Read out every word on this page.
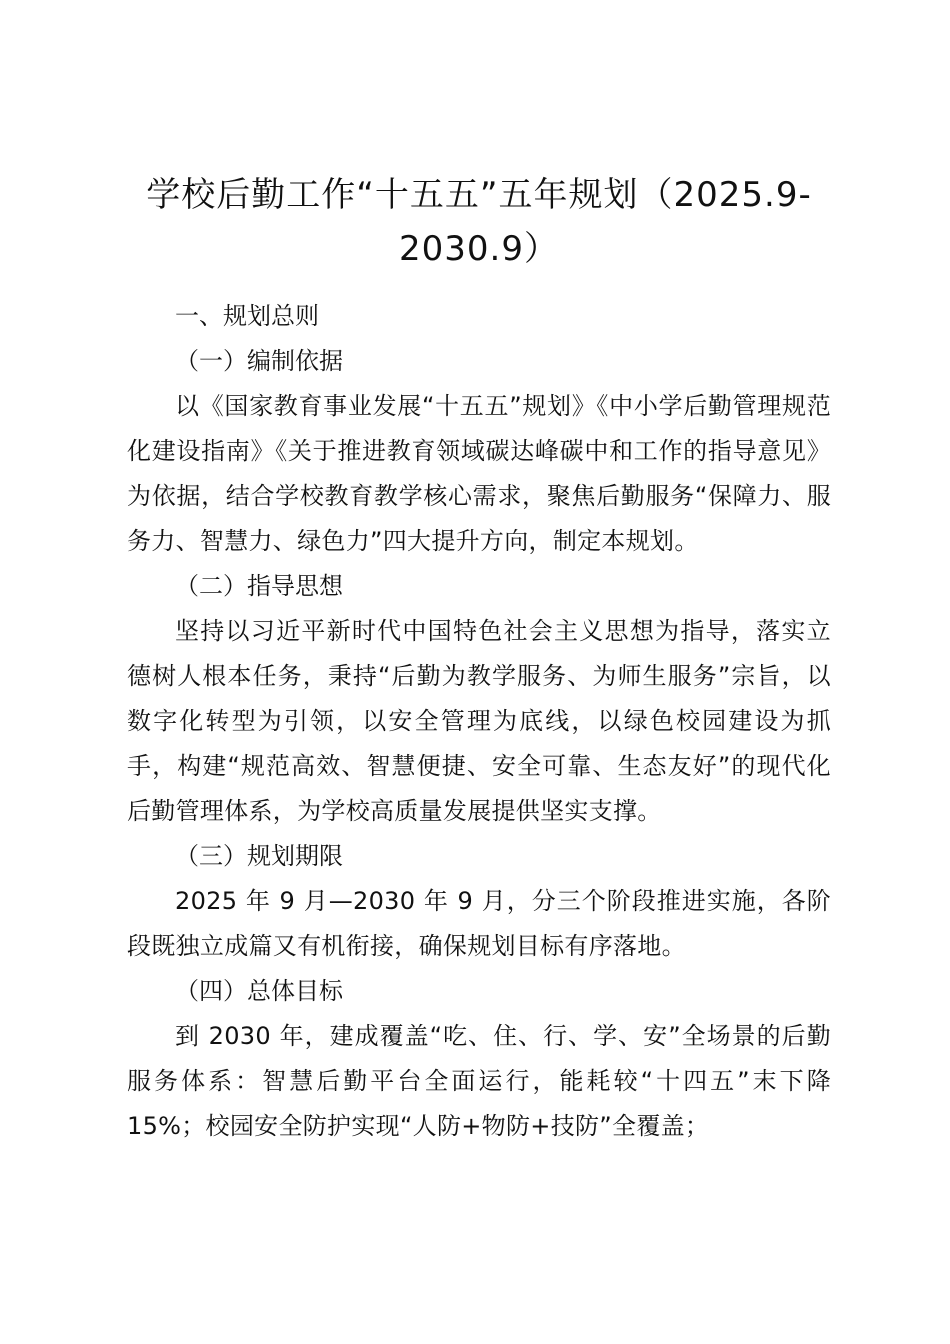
学校后勤工作“十五五”五年规划（2025.9-2030.9）

一、规划总则

（一）编制依据

以《国家教育事业发展“十五五”规划》《中小学后勤管理规范化建设指南》《关于推进教育领域碳达峰碳中和工作的指导意见》为依据，结合学校教育教学核心需求，聚焦后勤服务“保障力、服务力、智慧力、绿色力”四大提升方向，制定本规划。

（二）指导思想

坚持以习近平新时代中国特色社会主义思想为指导，落实立德树人根本任务，秉持“后勤为教学服务、为师生服务”宗旨，以数字化转型为引领，以安全管理为底线，以绿色校园建设为抓手，构建“规范高效、智慧便捷、安全可靠、生态友好”的现代化后勤管理体系，为学校高质量发展提供坚实支撑。

（三）规划期限

2025 年 9 月—2030 年 9 月，分三个阶段推进实施，各阶段既独立成篇又有机衔接，确保规划目标有序落地。

（四）总体目标

到 2030 年，建成覆盖“吃、住、行、学、安”全场景的后勤服务体系：智慧后勤平台全面运行，能耗较“十四五”末下降 15%；校园安全防护实现“人防+物防+技防”全覆盖；
